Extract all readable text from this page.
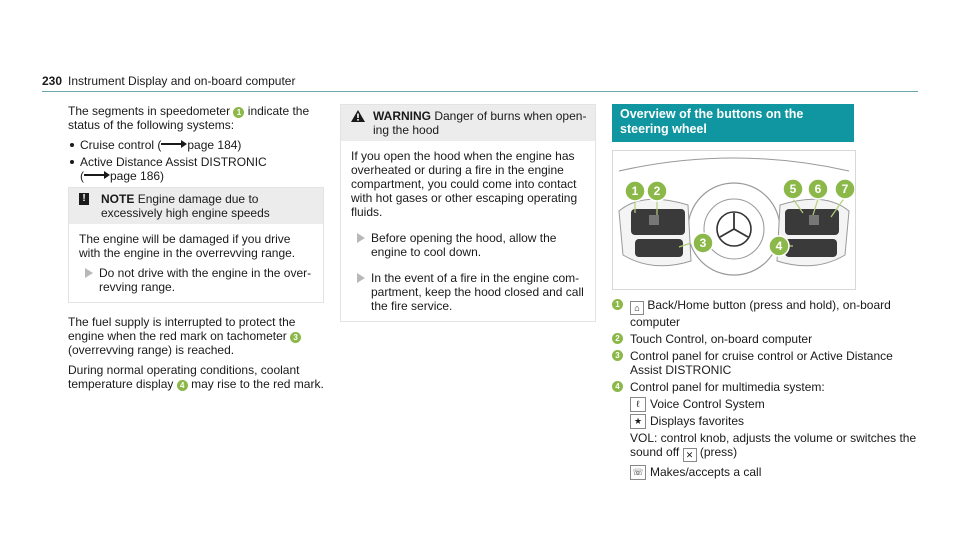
230 Instrument Display and on-board computer

The segments in speedometer 1 indicate the status of the following systems:

Cruise control ( page 184)
Active Distance Assist DISTRONIC
( page 186)
! NOTE Engine damage due to excessively high engine speeds
The engine will be damaged if you drive with the engine in the overrevving range.
Do not drive with the engine in the over- revving range.

The fuel supply is interrupted to protect the engine when the red mark on tachometer 3 (overrevving range) is reached.

During normal operating conditions, coolant temperature display 4 may rise to the red mark.

WARNING Danger of burns when open- ing the hood
If you open the hood when the engine has overheated or during a fire in the engine compartment, you could come into contact with hot gases or other escaping operating fluids.
Before opening the hood, allow the engine to cool down.
In the event of a fire in the engine com- partment, keep the hood closed and call the fire service.
Overview of the buttons on the steering wheel
1 2
3	4
5 6 7
1	⌂ Back/Home button (press and hold), on-board computer
2 Touch Control, on-board computer
3 Control panel for cruise control or Active Distance Assist DISTRONIC
4 Control panel for multimedia system:
ℓ Voice Control System
★ Displays favorites
VOL: control knob, adjusts the volume or switches the sound off ✕ (press)
☏ Makes/accepts a call
